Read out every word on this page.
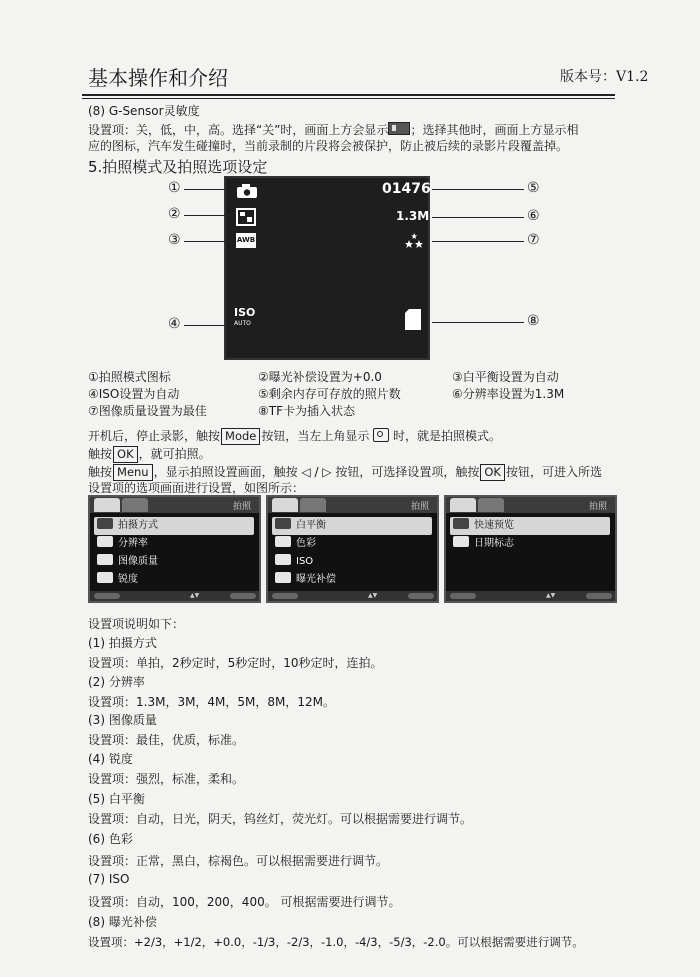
基本操作和介绍	版本号：V1.2
(8) G-Sensor灵敏度
设置项：关，低，中，高。选择“关”时，画面上方会显示 ；选择其他时，画面上方显示相
应的图标，汽车发生碰撞时，当前录制的片段将会被保护，防止被后续的录影片段覆盖掉。
5.拍照模式及拍照选项设定
AWB
ISO
AUTO
01476
1.3M
①
②
③
④
⑤
⑥
⑦
⑧
①拍照模式图标	②曝光补偿设置为+0.0	③白平衡设置为自动
④ISO设置为自动	⑤剩余内存可存放的照片数	⑥分辨率设置为1.3M
⑦图像质量设置为最佳	⑧TF卡为插入状态
开机后，停止录影，触按 Mode 按钮，当左上角显示 时，就是拍照模式。
触按 OK ，就可拍照。
触按 Menu ，显示拍照设置画面，触按 ◁ / ▷ 按钮，可选择设置项，触按 OK 按钮，可进入所选
设置项的选项画面进行设置，如图所示：
拍照
拍摄方式
分辨率
图像质量
锐度
▲▼
拍照
白平衡
色彩
ISO
曝光补偿
▲▼
拍照
快速预览
日期标志
▲▼
设置项说明如下：
(1) 拍摄方式
设置项：单拍，2秒定时，5秒定时，10秒定时，连拍。
(2) 分辨率
设置项：1.3M，3M，4M，5M，8M，12M。
(3) 图像质量
设置项：最佳，优质，标准。
(4) 锐度
设置项：强烈，标准，柔和。
(5) 白平衡
设置项：自动，日光，阴天，钨丝灯，荧光灯。可以根据需要进行调节。
(6) 色彩
设置项：正常，黑白，棕褐色。可以根据需要进行调节。
(7) ISO
设置项：自动，100，200，400。 可根据需要进行调节。
(8) 曝光补偿
设置项：+2/3，+1/2，+0.0，-1/3，-2/3，-1.0，-4/3，-5/3，-2.0。可以根据需要进行调节。
